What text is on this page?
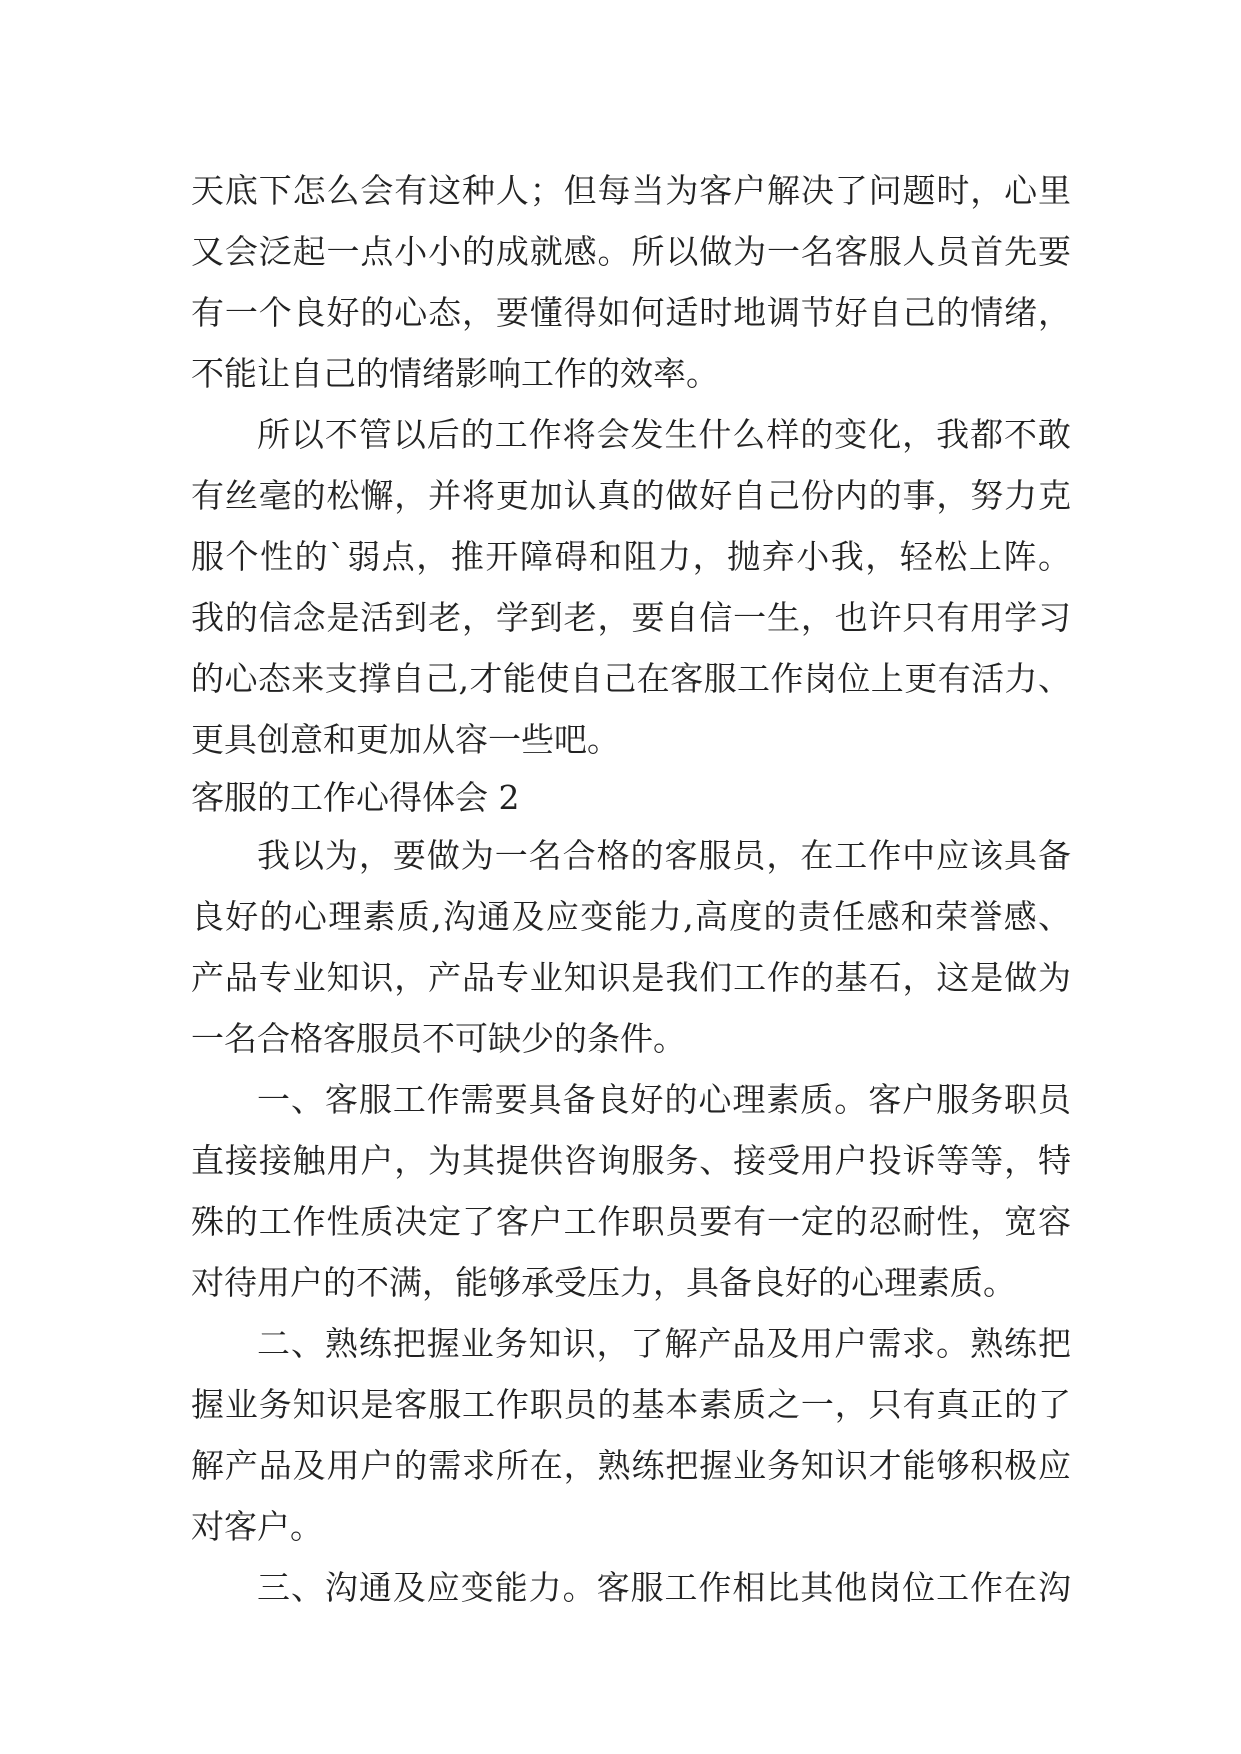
天底下怎么会有这种人；但每当为客户解决了问题时，心里
又会泛起一点小小的成就感。所以做为一名客服人员首先要
有一个良好的心态，要懂得如何适时地调节好自己的情绪，
不能让自己的情绪影响工作的效率。
所以不管以后的工作将会发生什么样的变化，我都不敢
有丝毫的松懈，并将更加认真的做好自己份内的事，努力克
服个性的`弱点，推开障碍和阻力，抛弃小我，轻松上阵。
我的信念是活到老，学到老，要自信一生，也许只有用学习
的心态来支撑自己,才能使自己在客服工作岗位上更有活力、
更具创意和更加从容一些吧。
客服的工作心得体会 2
我以为，要做为一名合格的客服员，在工作中应该具备
良好的心理素质,沟通及应变能力,高度的责任感和荣誉感、
产品专业知识，产品专业知识是我们工作的基石，这是做为
一名合格客服员不可缺少的条件。
一、客服工作需要具备良好的心理素质。客户服务职员
直接接触用户，为其提供咨询服务、接受用户投诉等等，特
殊的工作性质决定了客户工作职员要有一定的忍耐性，宽容
对待用户的不满，能够承受压力，具备良好的心理素质。
二、熟练把握业务知识，了解产品及用户需求。熟练把
握业务知识是客服工作职员的基本素质之一，只有真正的了
解产品及用户的需求所在，熟练把握业务知识才能够积极应
对客户。
三、沟通及应变能力。客服工作相比其他岗位工作在沟
